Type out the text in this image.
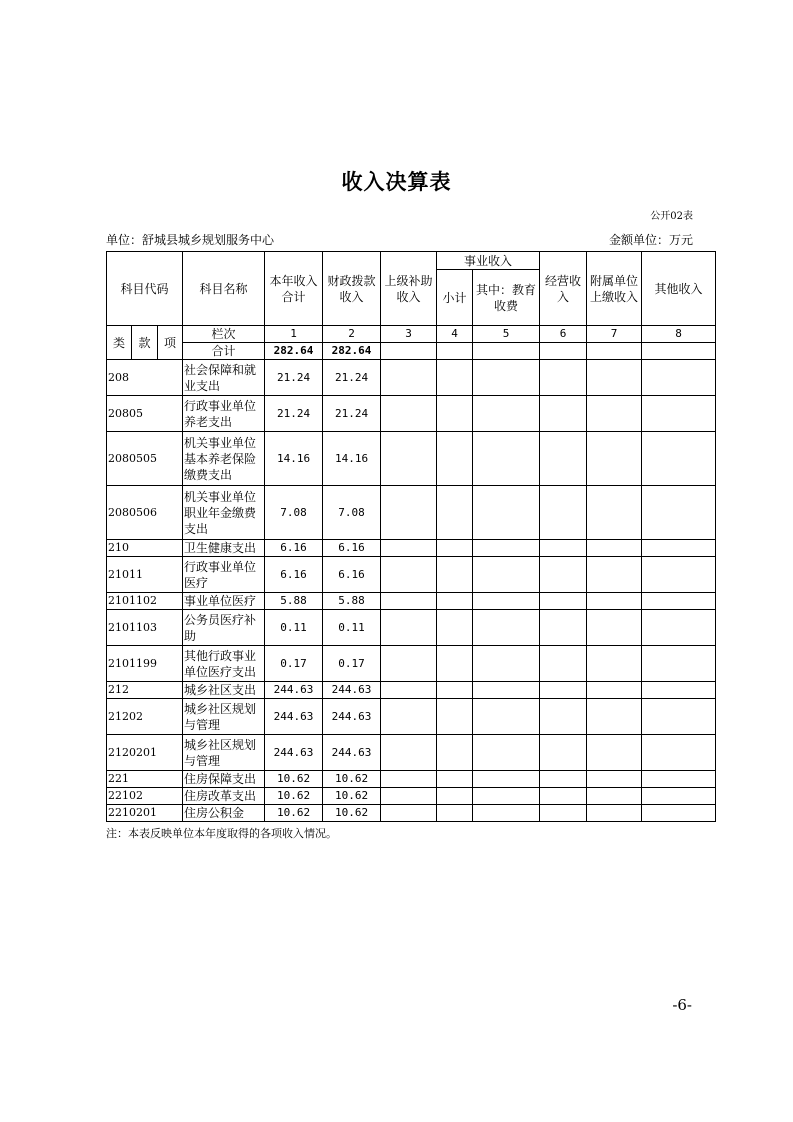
收入决算表
公开02表
单位：舒城县城乡规划服务中心	金额单位：万元
科目代码			科目名称	本年收入合计	财政拨款收入	上级补助收入	事业收入		经营收入	附属单位上缴收入	其他收入
							小计	其中：教育收费			
类	款	项	栏次	1	2	3	4	5	6	7	8
			合计	282.64	282.64						
208			社会保障和就业支出	21.24	21.24						
20805			行政事业单位养老支出	21.24	21.24						
2080505			机关事业单位基本养老保险缴费支出	14.16	14.16						
2080506			机关事业单位职业年金缴费支出	7.08	7.08						
210			卫生健康支出	6.16	6.16						
21011			行政事业单位医疗	6.16	6.16						
2101102			事业单位医疗	5.88	5.88						
2101103			公务员医疗补助	0.11	0.11						
2101199			其他行政事业单位医疗支出	0.17	0.17						
212			城乡社区支出	244.63	244.63						
21202			城乡社区规划与管理	244.63	244.63						
2120201			城乡社区规划与管理	244.63	244.63						
221			住房保障支出	10.62	10.62						
22102			住房改革支出	10.62	10.62						
2210201			住房公积金	10.62	10.62						
注：本表反映单位本年度取得的各项收入情况。
-6-
